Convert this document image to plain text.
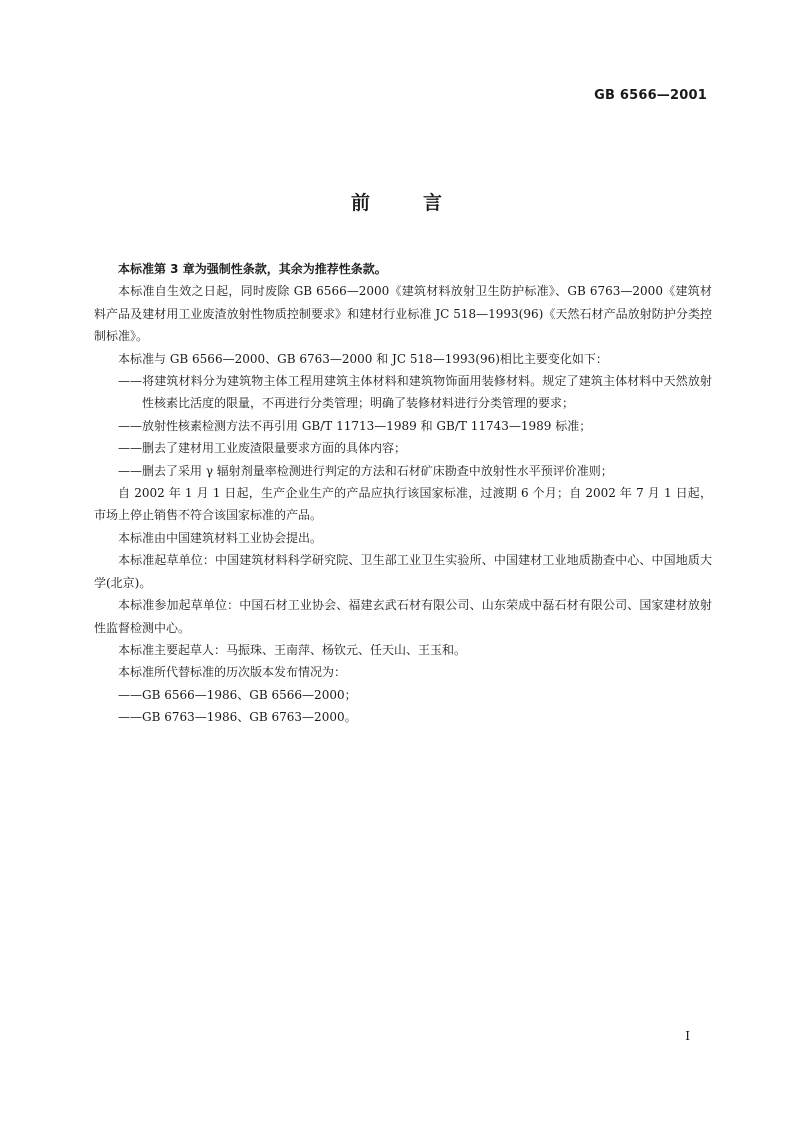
GB 6566—2001
前	言

本标准第 3 章为强制性条款，其余为推荐性条款。

本标准自生效之日起，同时废除 GB 6566—2000《建筑材料放射卫生防护标准》、GB 6763—2000《建筑材料产品及建材用工业废渣放射性物质控制要求》和建材行业标准 JC 518—1993(96)《天然石材产品放射防护分类控制标准》。

本标准与 GB 6566—2000、GB 6763—2000 和 JC 518—1993(96)相比主要变化如下：

——将建筑材料分为建筑物主体工程用建筑主体材料和建筑物饰面用装修材料。规定了建筑主体材料中天然放射性核素比活度的限量，不再进行分类管理；明确了装修材料进行分类管理的要求；

——放射性核素检测方法不再引用 GB/T 11713—1989 和 GB/T 11743—1989 标准；

——删去了建材用工业废渣限量要求方面的具体内容；

——删去了采用 γ 辐射剂量率检测进行判定的方法和石材矿床勘查中放射性水平预评价准则；

自 2002 年 1 月 1 日起，生产企业生产的产品应执行该国家标准，过渡期 6 个月；自 2002 年 7 月 1 日起，市场上停止销售不符合该国家标准的产品。

本标准由中国建筑材料工业协会提出。

本标准起草单位：中国建筑材料科学研究院、卫生部工业卫生实验所、中国建材工业地质勘查中心、中国地质大学(北京)。

本标准参加起草单位：中国石材工业协会、福建玄武石材有限公司、山东荣成中磊石材有限公司、国家建材放射性监督检测中心。

本标准主要起草人：马振珠、王南萍、杨钦元、任天山、王玉和。

本标准所代替标准的历次版本发布情况为：

——GB 6566—1986、GB 6566—2000；

——GB 6763—1986、GB 6763—2000。

I
